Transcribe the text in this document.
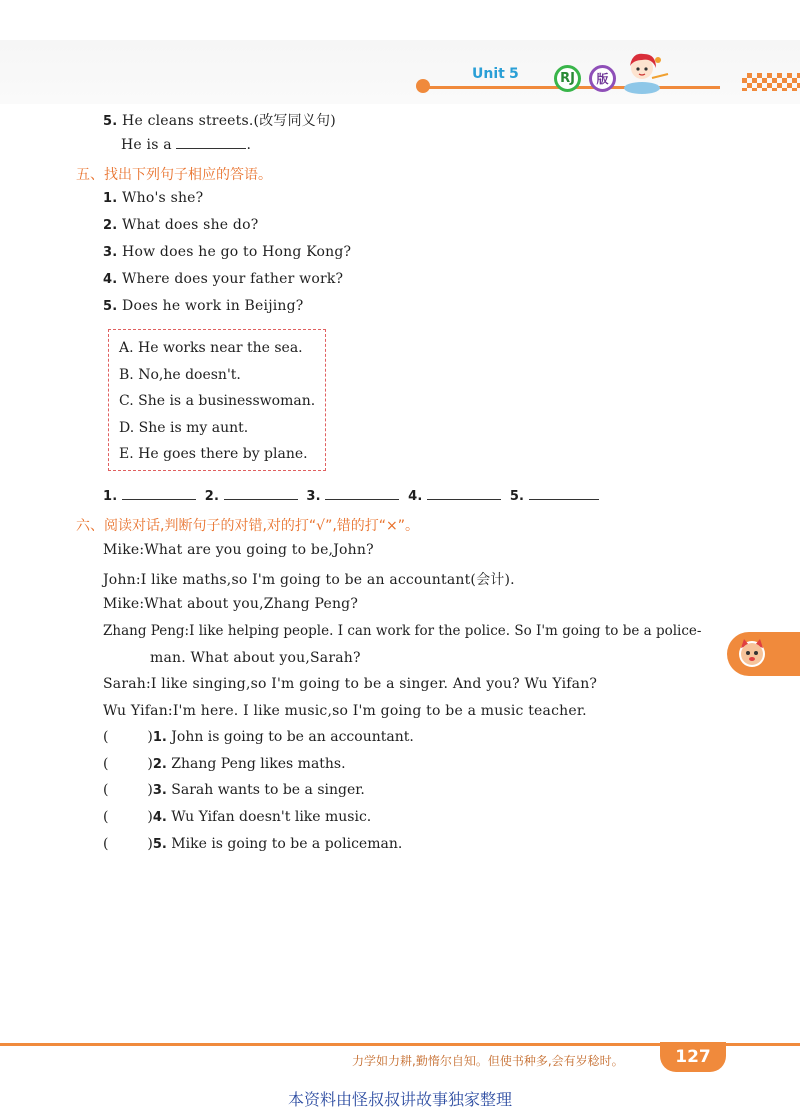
Unit 5	RJ	版
5. He cleans streets.(改写同义句)
He is a	.
五、找出下列句子相应的答语。
1. Who's she?
2. What does she do?
3. How does he go to Hong Kong?
4. Where does your father work?
5. Does he work in Beijing?
A. He works near the sea.
B. No,he doesn't.
C. She is a businesswoman.
D. She is my aunt.
E. He goes there by plane.
1.	2.	3.	4.	5.
六、阅读对话,判断句子的对错,对的打“√”,错的打“×”。
Mike:What are you going to be,John?
John:I like maths,so I'm going to be an accountant(会计).
Mike:What about you,Zhang Peng?
Zhang Peng:I like helping people. I can work for the police. So I'm going to be a police-
man. What about you,Sarah?
Sarah:I like singing,so I'm going to be a singer. And you? Wu Yifan?
Wu Yifan:I'm here. I like music,so I'm going to be a music teacher.
(	)1. John is going to be an accountant.
(	)2. Zhang Peng likes maths.
(	)3. Sarah wants to be a singer.
(	)4. Wu Yifan doesn't like music.
(	)5. Mike is going to be a policeman.
力学如力耕,勤惰尔自知。但使书种多,会有岁稔时。	127
本资料由怪叔叔讲故事独家整理
